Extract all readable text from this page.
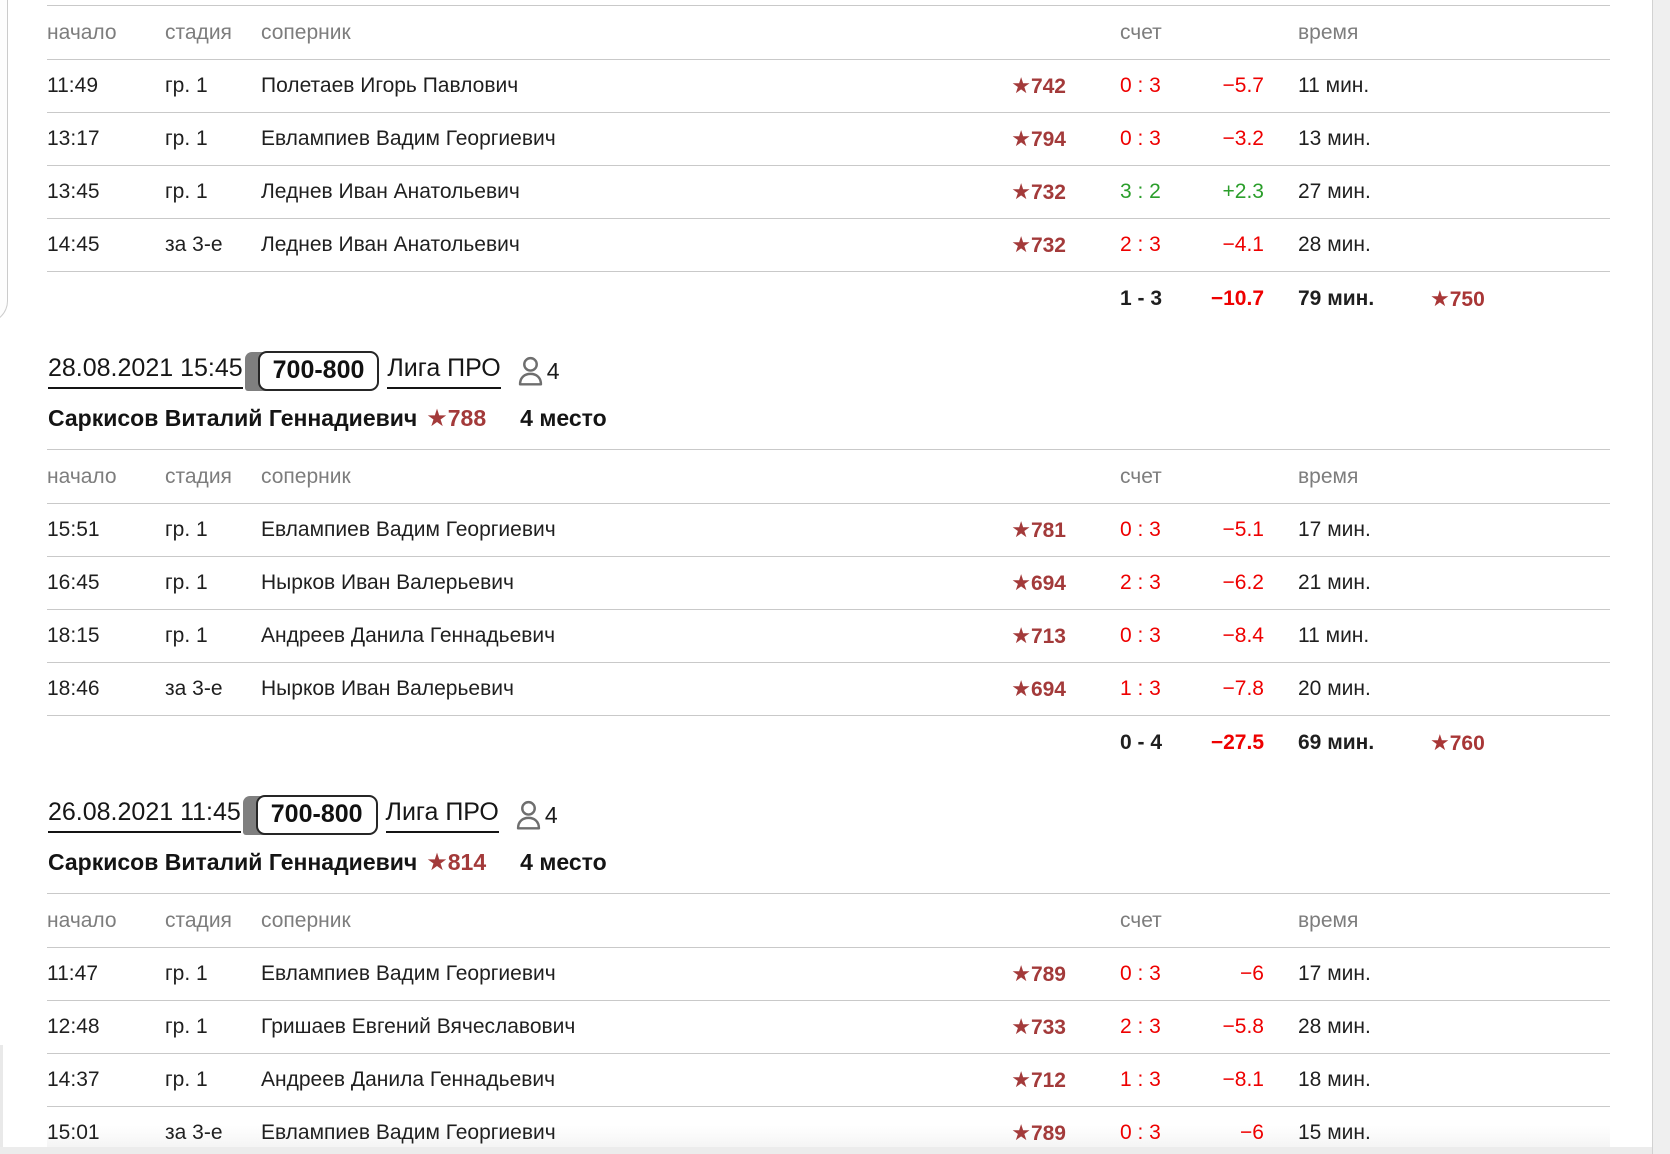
начало	стадия	соперник	счет	время
11:49	гр. 1	Полетаев Игорь Павлович	★742	0 : 3	−5.7	11 мин.
13:17	гр. 1	Евлампиев Вадим Георгиевич	★794	0 : 3	−3.2	13 мин.
13:45	гр. 1	Леднев Иван Анатольевич	★732	3 : 2	+2.3	27 мин.
14:45	за 3-е	Леднев Иван Анатольевич	★732	2 : 3	−4.1	28 мин.
1 - 3	−10.7	79 мин.	★750
28.08.2021 15:45	700-800 Лига ПРО 4
Саркисов Виталий Геннадиевич ★788 4 место
начало	стадия	соперник	счет	время
15:51	гр. 1	Евлампиев Вадим Георгиевич	★781	0 : 3	−5.1	17 мин.
16:45	гр. 1	Нырков Иван Валерьевич	★694	2 : 3	−6.2	21 мин.
18:15	гр. 1	Андреев Данила Геннадьевич	★713	0 : 3	−8.4	11 мин.
18:46	за 3-е	Нырков Иван Валерьевич	★694	1 : 3	−7.8	20 мин.
0 - 4	−27.5	69 мин.	★760
26.08.2021 11:45	700-800 Лига ПРО 4
Саркисов Виталий Геннадиевич ★814 4 место
начало	стадия	соперник	счет	время
11:47	гр. 1	Евлампиев Вадим Георгиевич	★789	0 : 3	−6	17 мин.
12:48	гр. 1	Гришаев Евгений Вячеславович	★733	2 : 3	−5.8	28 мин.
14:37	гр. 1	Андреев Данила Геннадьевич	★712	1 : 3	−8.1	18 мин.
15:01	за 3-е	Евлампиев Вадим Георгиевич	★789	0 : 3	−6	15 мин.
